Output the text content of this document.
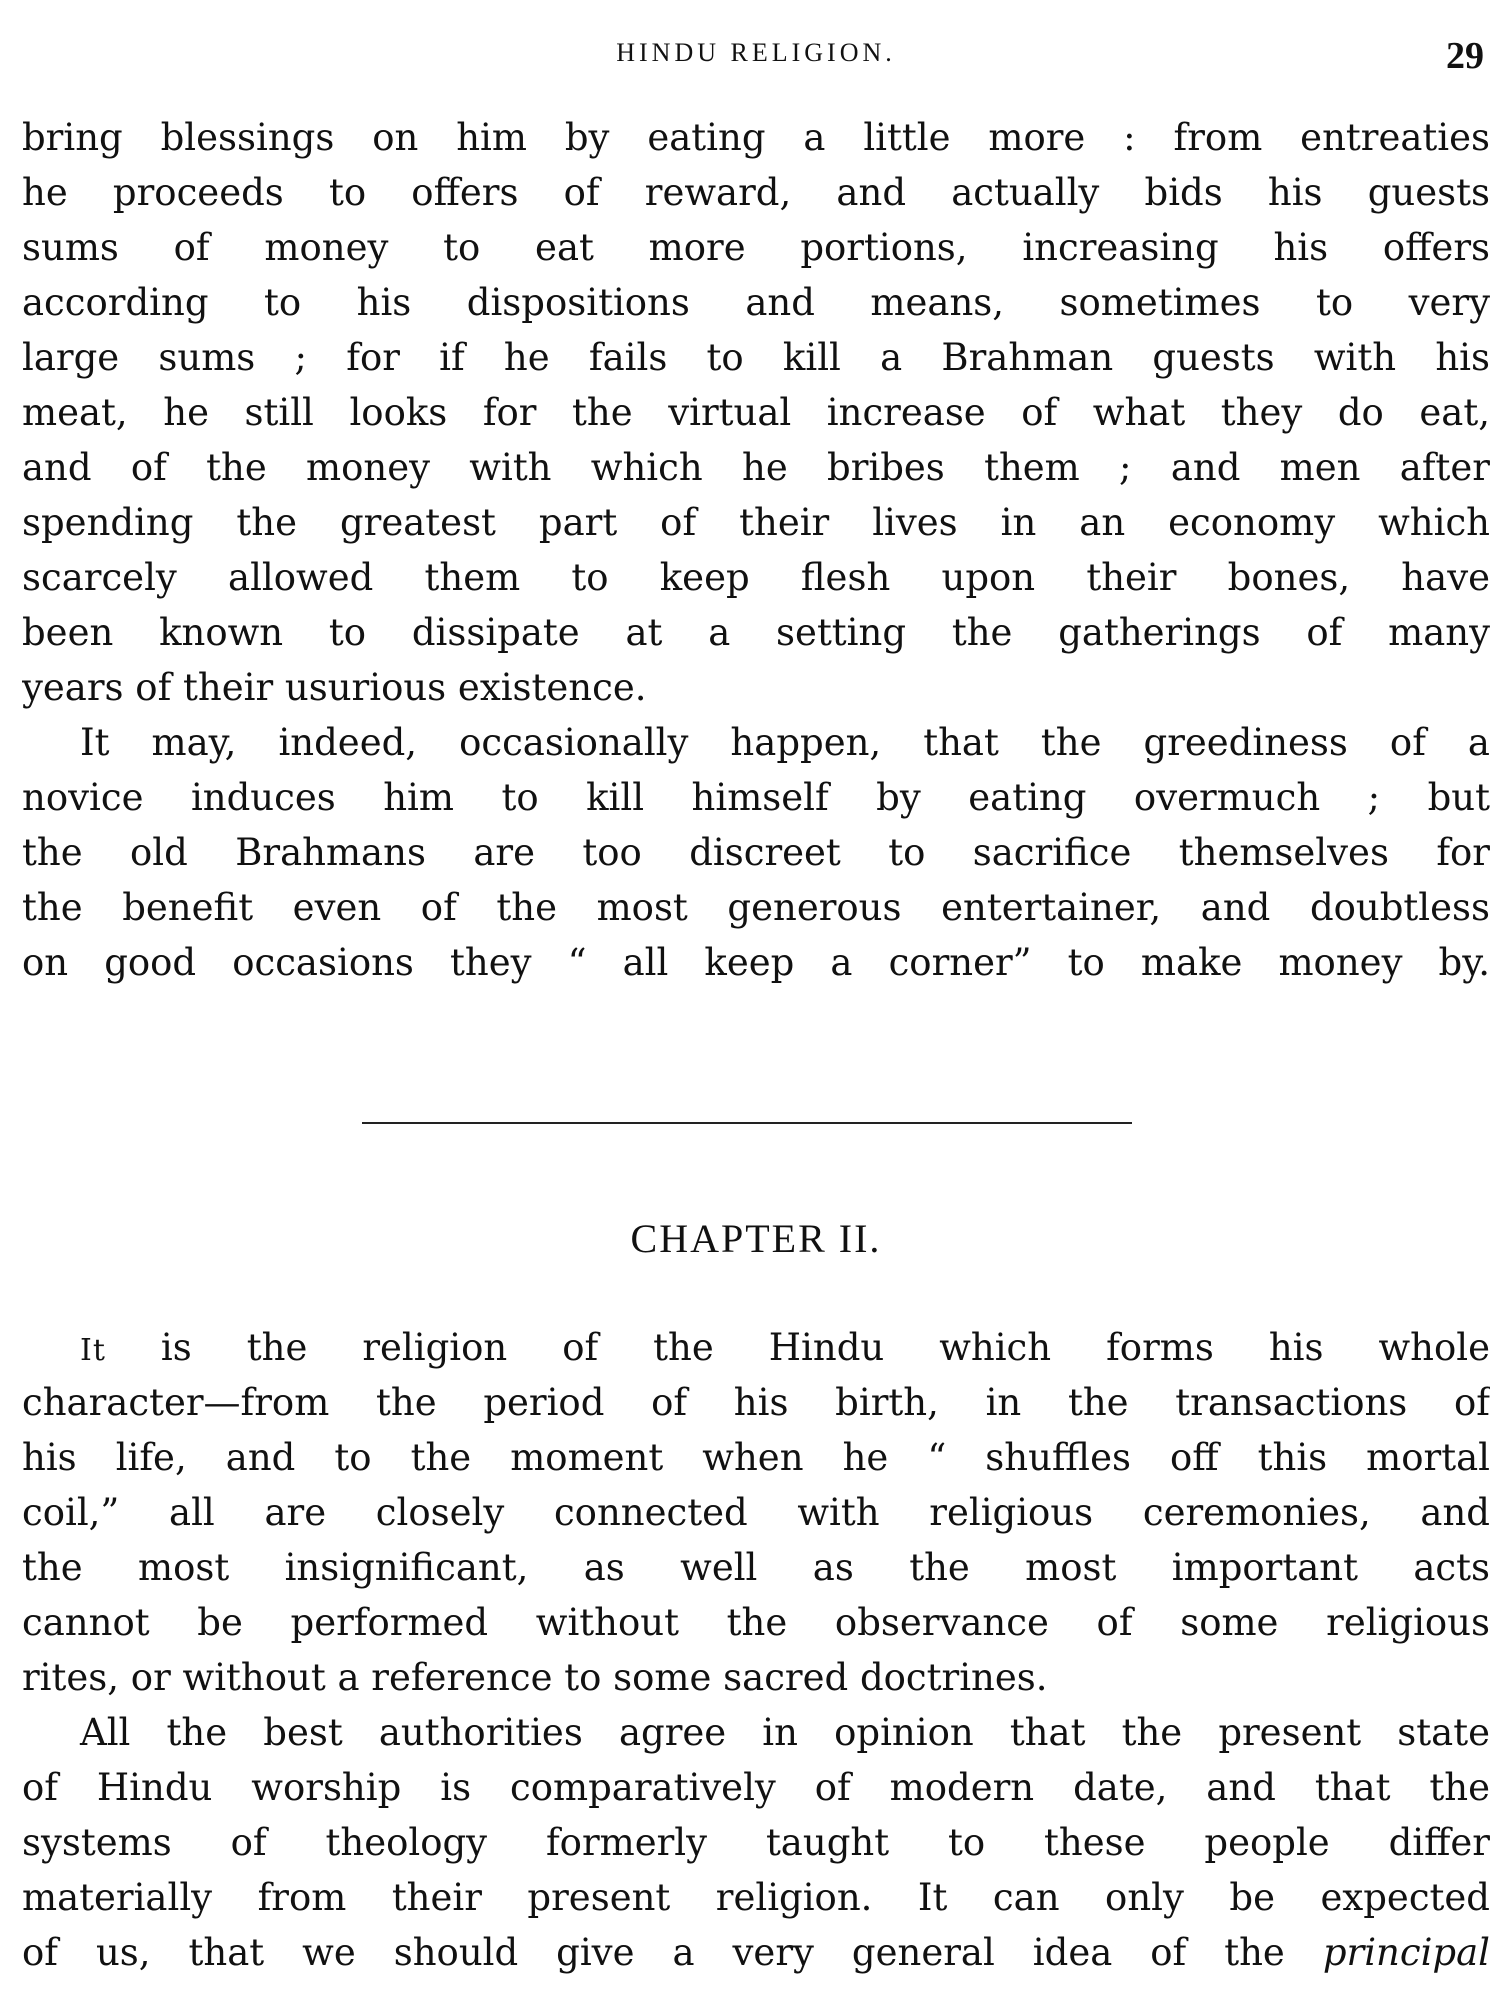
HINDU RELIGION.	29

bring blessings on him by eating a little more : from entreaties
he proceeds to offers of reward, and actually bids his guests
sums of money to eat more portions, increasing his offers
according to his dispositions and means, sometimes to very
large sums ; for if he fails to kill a Brahman guests with his
meat, he still looks for the virtual increase of what they do eat,
and of the money with which he bribes them ; and men after
spending the greatest part of their lives in an economy which
scarcely allowed them to keep flesh upon their bones, have
been known to dissipate at a setting the gatherings of many
years of their usurious existence.

It may, indeed, occasionally happen, that the greediness of a
novice induces him to kill himself by eating overmuch ; but
the old Brahmans are too discreet to sacrifice themselves for
the benefit even of the most generous entertainer, and doubtless
on good occasions they “ all keep a corner” to make money by.

CHAPTER II.

It is the religion of the Hindu which forms his whole
character—from the period of his birth, in the transactions of
his life, and to the moment when he “ shuffles off this mortal
coil,” all are closely connected with religious ceremonies, and
the most insignificant, as well as the most important acts
cannot be performed without the observance of some religious
rites, or without a reference to some sacred doctrines.

All the best authorities agree in opinion that the present state
of Hindu worship is comparatively of modern date, and that the
systems of theology formerly taught to these people differ
materially from their present religion. It can only be expected
of us, that we should give a very general idea of the principal
